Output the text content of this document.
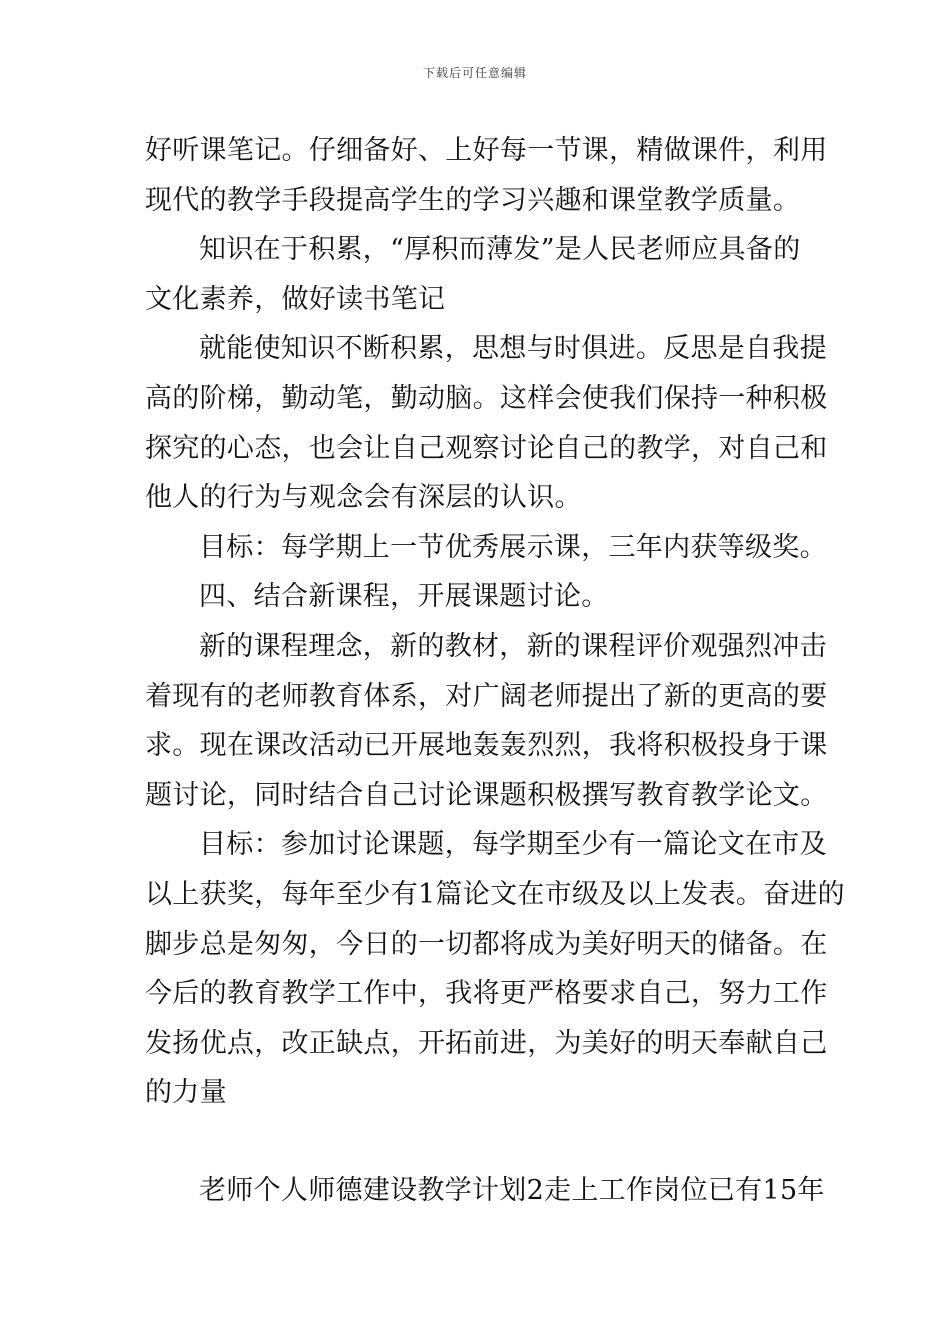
下载后可任意编辑
好听课笔记。仔细备好、上好每一节课，精做课件，利用
现代的教学手段提高学生的学习兴趣和课堂教学质量。
知识在于积累，“厚积而薄发”是人民老师应具备的
文化素养，做好读书笔记
就能使知识不断积累，思想与时俱进。反思是自我提
高的阶梯，勤动笔，勤动脑。这样会使我们保持一种积极
探究的心态，也会让自己观察讨论自己的教学，对自己和
他人的行为与观念会有深层的认识。
目标：每学期上一节优秀展示课，三年内获等级奖。
四、结合新课程，开展课题讨论。
新的课程理念，新的教材，新的课程评价观强烈冲击
着现有的老师教育体系，对广阔老师提出了新的更高的要
求。现在课改活动已开展地轰轰烈烈，我将积极投身于课
题讨论，同时结合自己讨论课题积极撰写教育教学论文。
目标：参加讨论课题，每学期至少有一篇论文在市及
以上获奖，每年至少有1篇论文在市级及以上发表。奋进的
脚步总是匆匆，今日的一切都将成为美好明天的储备。在
今后的教育教学工作中，我将更严格要求自己，努力工作
发扬优点，改正缺点，开拓前进，为美好的明天奉献自己
的力量
老师个人师德建设教学计划2走上工作岗位已有15年
